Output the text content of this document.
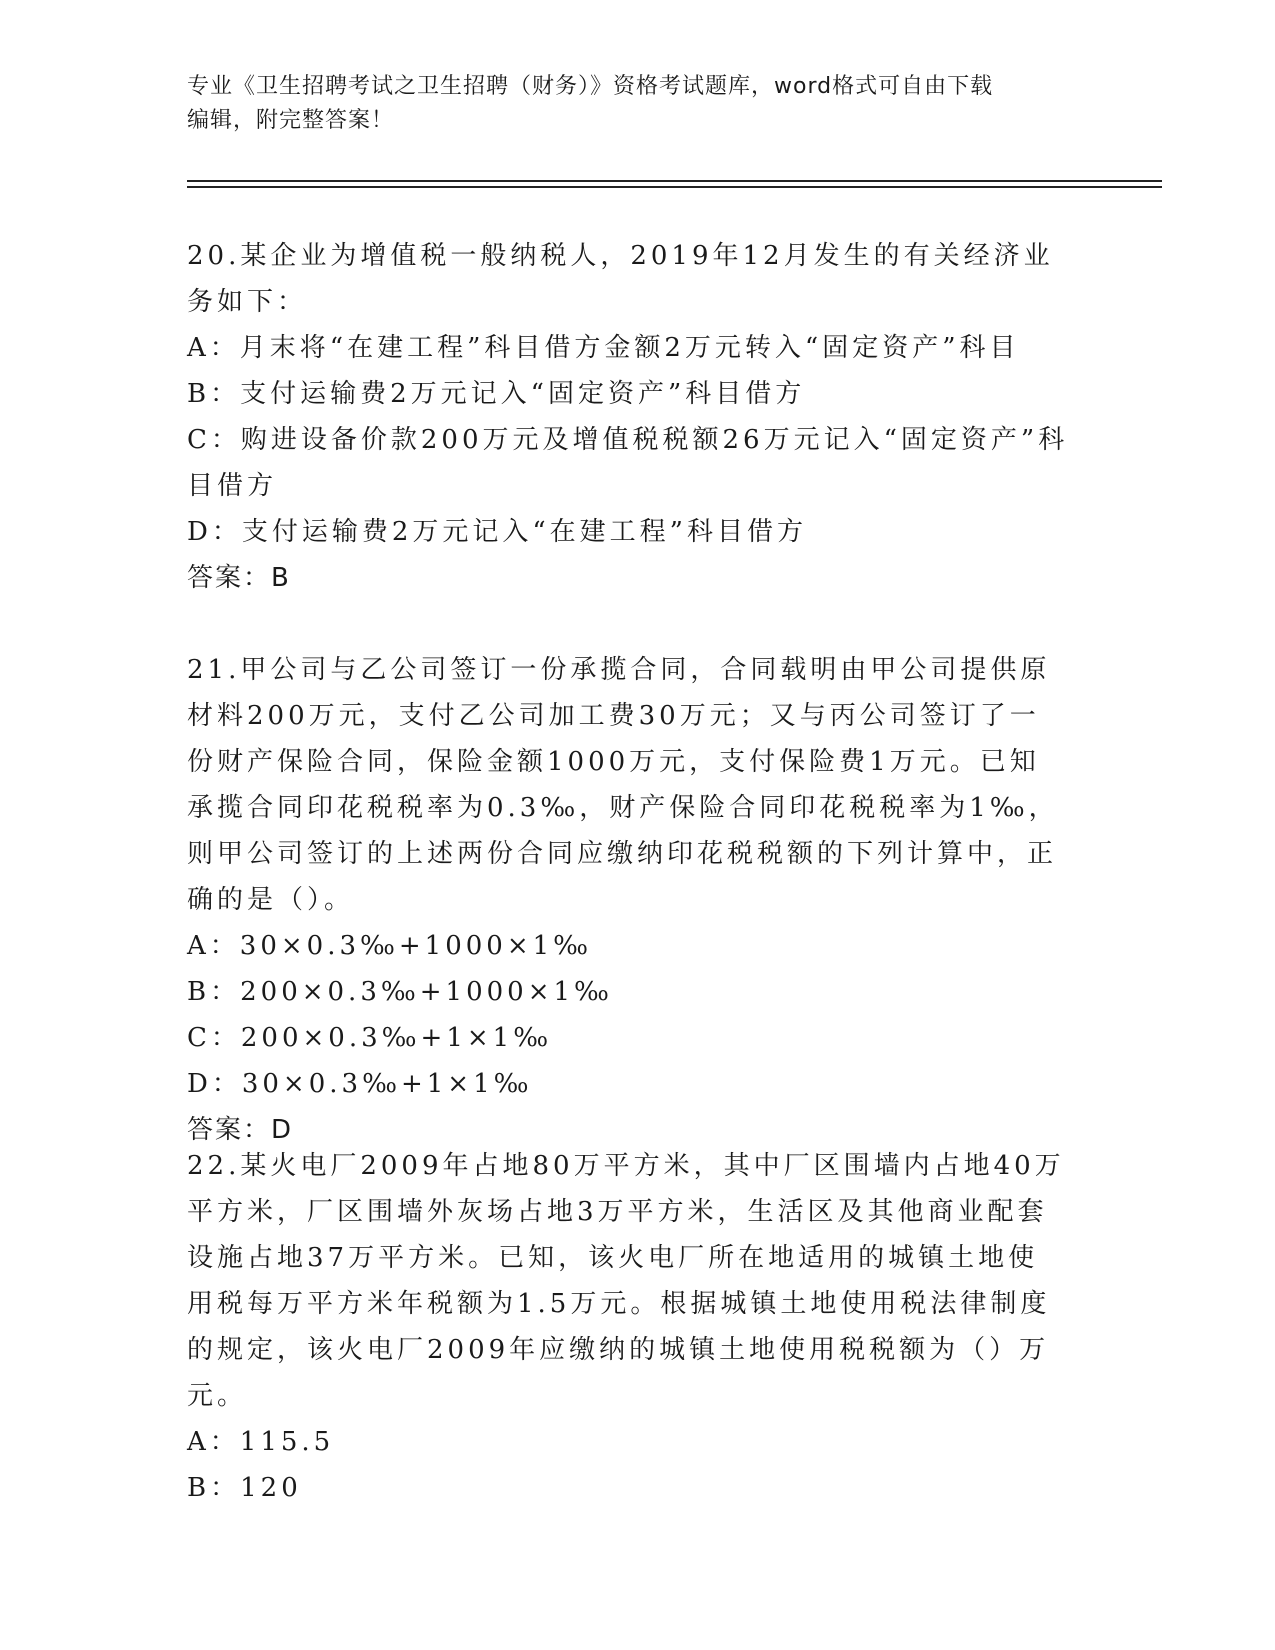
专业《卫生招聘考试之卫生招聘（财务）》资格考试题库，word格式可自由下载
编辑，附完整答案！

20.某企业为增值税一般纳税人，2019年12月发生的有关经济业务如下：

A：月末将“在建工程”科目借方金额2万元转入“固定资产”科目

B：支付运输费2万元记入“固定资产”科目借方

C：购进设备价款200万元及增值税税额26万元记入“固定资产”科目借方

D：支付运输费2万元记入“在建工程”科目借方

答案：B

21.甲公司与乙公司签订一份承揽合同，合同载明由甲公司提供原材料200万元，支付乙公司加工费30万元；又与丙公司签订了一份财产保险合同，保险金额1000万元，支付保险费1万元。已知承揽合同印花税税率为0.3‰，财产保险合同印花税税率为1‰，则甲公司签订的上述两份合同应缴纳印花税税额的下列计算中，正确的是（）。

A：30×0.3‰+1000×1‰

B：200×0.3‰+1000×1‰

C：200×0.3‰+1×1‰

D：30×0.3‰+1×1‰

答案：D

22.某火电厂2009年占地80万平方米，其中厂区围墙内占地40万平方米，厂区围墙外灰场占地3万平方米，生活区及其他商业配套设施占地37万平方米。已知，该火电厂所在地适用的城镇土地使用税每万平方米年税额为1.5万元。根据城镇土地使用税法律制度的规定，该火电厂2009年应缴纳的城镇土地使用税税额为（）万元。

A：115.5

B：120
